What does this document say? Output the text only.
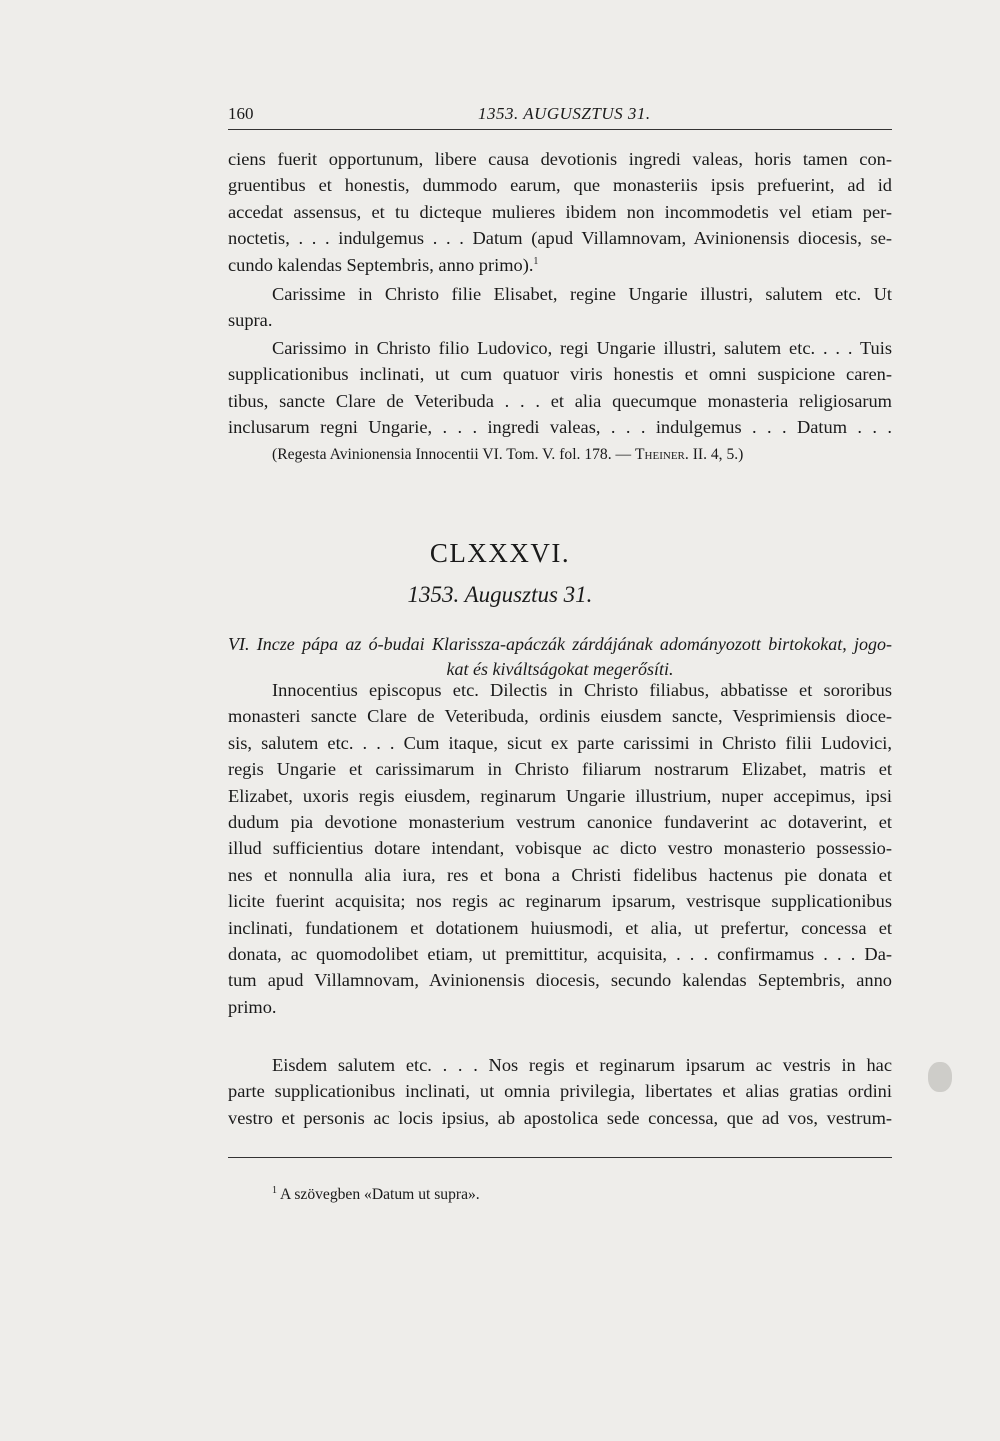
160	1353. AUGUSZTUS 31.
ciens fuerit opportunum, libere causa devotionis ingredi valeas, horis tamen con-
gruentibus et honestis, dummodo earum, que monasteriis ipsis prefuerint, ad id
accedat assensus, et tu dicteque mulieres ibidem non incommodetis vel etiam per-
noctetis, . . . indulgemus . . . Datum (apud Villamnovam, Avinionensis diocesis, se-
cundo kalendas Septembris, anno primo).$^1$
Carissime in Christo filie Elisabet, regine Ungarie illustri, salutem etc. Ut
supra.
Carissimo in Christo filio Ludovico, regi Ungarie illustri, salutem etc. . . . Tuis
supplicationibus inclinati, ut cum quatuor viris honestis et omni suspicione caren-
tibus, sancte Clare de Veteribuda . . . et alia quecumque monasteria religiosarum
inclusarum regni Ungarie, . . . ingredi valeas, . . . indulgemus . . . Datum . . .
(Regesta Avinionensia Innocentii VI. Tom. V. fol. 178. — Theiner. II. 4, 5.)
CLXXXVI.
1353. Augusztus 31.
VI. Incze pápa az ó-budai Klarissza-apáczák zárdájának adományozott birtokokat, jogo-
kat és kiváltságokat megerősíti.
Innocentius episcopus etc. Dilectis in Christo filiabus, abbatisse et sororibus
monasteri sancte Clare de Veteribuda, ordinis eiusdem sancte, Vesprimiensis dioce-
sis, salutem etc. . . . Cum itaque, sicut ex parte carissimi in Christo filii Ludovici,
regis Ungarie et carissimarum in Christo filiarum nostrarum Elizabet, matris et
Elizabet, uxoris regis eiusdem, reginarum Ungarie illustrium, nuper accepimus, ipsi
dudum pia devotione monasterium vestrum canonice fundaverint ac dotaverint, et
illud sufficientius dotare intendant, vobisque ac dicto vestro monasterio possessio-
nes et nonnulla alia iura, res et bona a Christi fidelibus hactenus pie donata et
licite fuerint acquisita; nos regis ac reginarum ipsarum, vestrisque supplicationibus
inclinati, fundationem et dotationem huiusmodi, et alia, ut prefertur, concessa et
donata, ac quomodolibet etiam, ut premittitur, acquisita, . . . confirmamus . . . Da-
tum apud Villamnovam, Avinionensis diocesis, secundo kalendas Septembris, anno
primo.
Eisdem salutem etc. . . . Nos regis et reginarum ipsarum ac vestris in hac
parte supplicationibus inclinati, ut omnia privilegia, libertates et alias gratias ordini
vestro et personis ac locis ipsius, ab apostolica sede concessa, que ad vos, vestrum-
$^1$ A szövegben «Datum ut supra».
